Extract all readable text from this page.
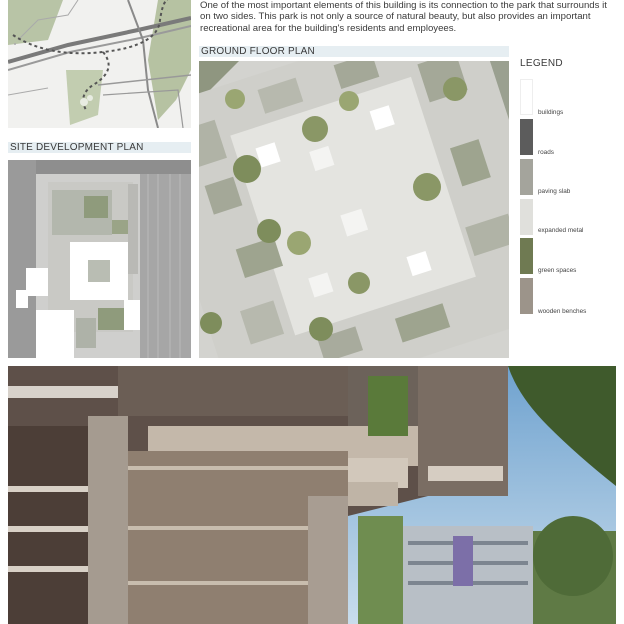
One of the most important elements of this building is its connection to the park that surrounds it on two sides. This park is not only a source of natural beauty, but also provides an important recreational area for the building's residents and employees.

SITE DEVELOPMENT PLAN
GROUND FLOOR PLAN
LEGEND
buildings
roads
paving slab
expanded metal
green spaces
wooden benches
